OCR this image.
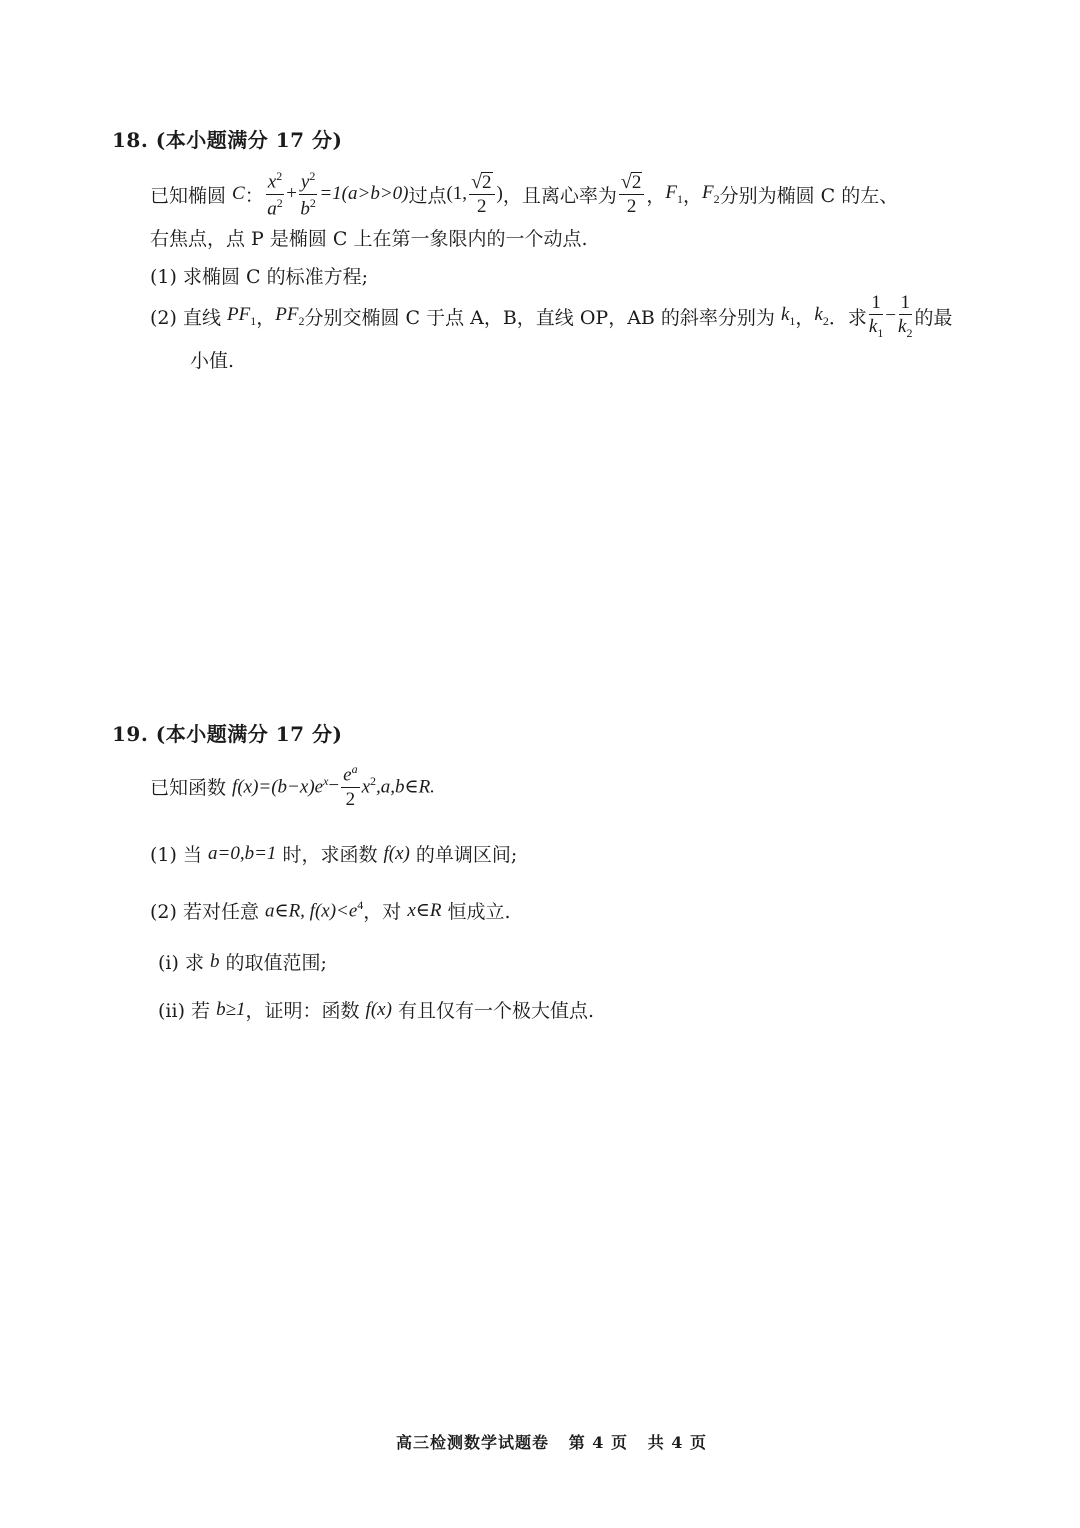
18. (本小题满分 17 分)
已知椭圆 C ： $\frac{x^2}{a^2} + \frac{y^2}{b^2} =1(a>b>0)$ 过点 (1, $\frac{√ 2}{2}$ ) ，且离心率为 $\frac{√ 2}{2}$ ， $F_1$ ， $F_2$ 分别为椭圆 C 的左、
右焦点，点 P 是椭圆 C 上在第一象限内的一个动点.
(1) 求椭圆 C 的标准方程;
(2) 直线 $PF_1$ ， $PF_2$ 分别交椭圆 C 于点 A，B，直线 OP，AB 的斜率分别为 $k_1$ ， $k_2$ ．求 $\frac{1}{k_1} - \frac{1}{k_2}$ 的最
小值.
19. (本小题满分 17 分)
已知函数 $f(x)=(b-x)e^x - \frac{e^a}{2}$ $x^2,a,b\in R$.
(1) 当 a=0,b=1 时，求函数 f(x) 的单调区间;
(2) 若对任意 a∈R, $f(x)<e^4$ ，对 x∈R 恒成立.
(i) 求 b 的取值范围;
(ii) 若 b≥1 ，证明：函数 f(x) 有且仅有一个极大值点.
高三检测数学试题卷   第 4 页   共 4 页
